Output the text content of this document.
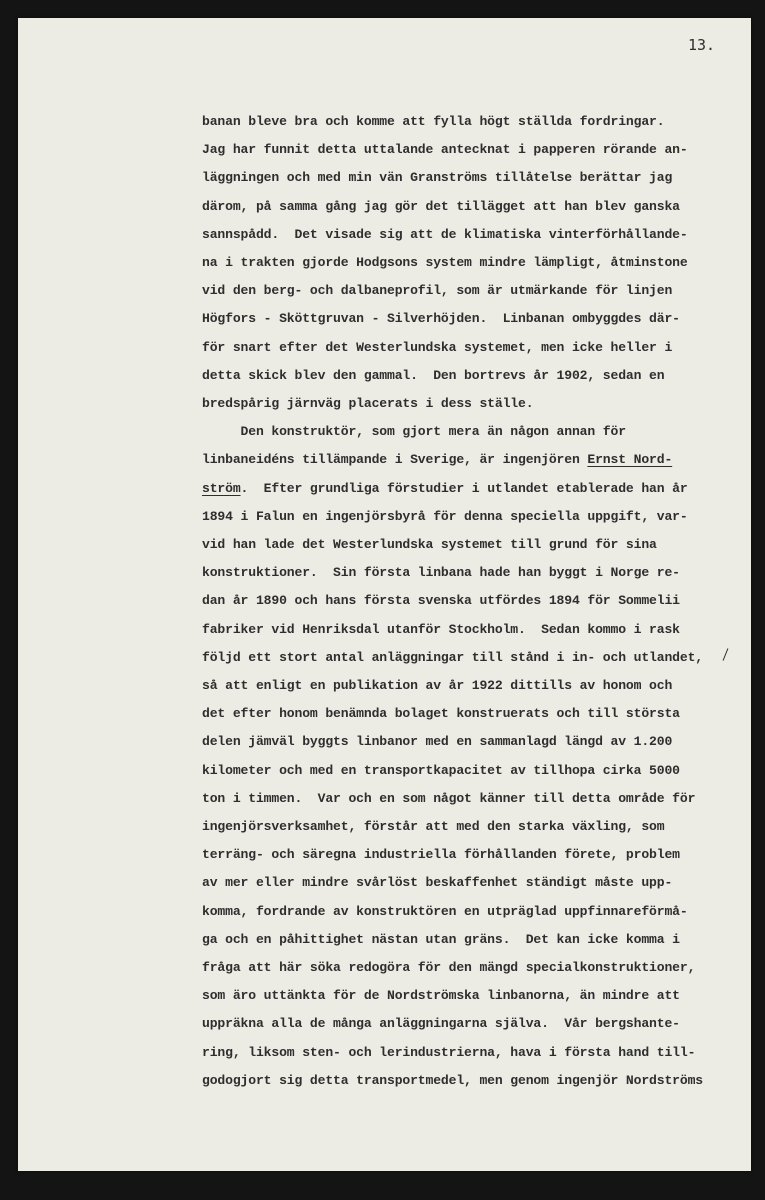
13.
banan bleve bra och komme att fylla högt ställda fordringar.
Jag har funnit detta uttalande antecknat i papperen rörande an-
läggningen och med min vän Granströms tillåtelse berättar jag
därom, på samma gång jag gör det tillägget att han blev ganska
sannspådd.  Det visade sig att de klimatiska vinterförhållande-
na i trakten gjorde Hodgsons system mindre lämpligt, åtminstone
vid den berg- och dalbaneprofil, som är utmärkande för linjen
Högfors - Sköttgruvan - Silverhöjden.  Linbanan ombyggdes där-
för snart efter det Westerlundska systemet, men icke heller i
detta skick blev den gammal.  Den bortrevs år 1902, sedan en
bredspårig järnväg placerats i dess ställe.
Den konstruktör, som gjort mera än någon annan för
linbaneidéns tillämpande i Sverige, är ingenjören Ernst Nord-
ström.  Efter grundliga förstudier i utlandet etablerade han år
1894 i Falun en ingenjörsbyrå för denna speciella uppgift, var-
vid han lade det Westerlundska systemet till grund för sina
konstruktioner.  Sin första linbana hade han byggt i Norge re-
dan år 1890 och hans första svenska utfördes 1894 för Sommelii
fabriker vid Henriksdal utanför Stockholm.  Sedan kommo i rask
följd ett stort antal anläggningar till stånd i in- och utlandet,
så att enligt en publikation av år 1922 dittills av honom och
det efter honom benämnda bolaget konstruerats och till största
delen jämväl byggts linbanor med en sammanlagd längd av 1.200
kilometer och med en transportkapacitet av tillhopa cirka 5000
ton i timmen.  Var och en som något känner till detta område för
ingenjörsverksamhet, förstår att med den starka växling, som
terräng- och säregna industriella förhållanden förete, problem
av mer eller mindre svårlöst beskaffenhet ständigt måste upp-
komma, fordrande av konstruktören en utpräglad uppfinnareförmå-
ga och en påhittighet nästan utan gräns.  Det kan icke komma i
fråga att här söka redogöra för den mängd specialkonstruktioner,
som äro uttänkta för de Nordströmska linbanorna, än mindre att
uppräkna alla de många anläggningarna själva.  Vår bergshante-
ring, liksom sten- och lerindustrierna, hava i första hand till-
godogjort sig detta transportmedel, men genom ingenjör Nordströms
